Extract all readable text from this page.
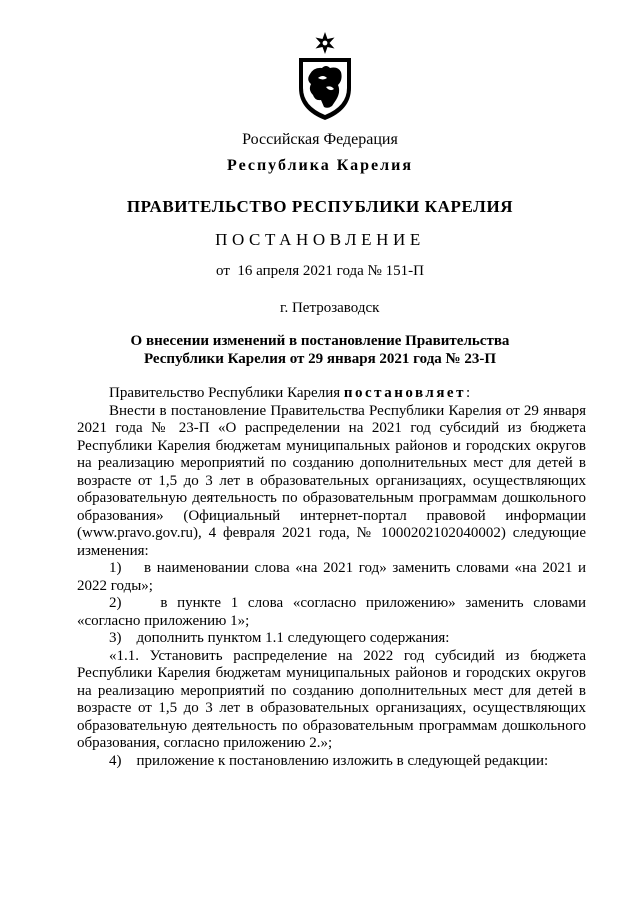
Российская Федерация
Республика Карелия
ПРАВИТЕЛЬСТВО РЕСПУБЛИКИ КАРЕЛИЯ
ПОСТАНОВЛЕНИЕ
от  16 апреля 2021 года № 151-П
г. Петрозаводск
О внесении изменений в постановление Правительства
Республики Карелия от 29 января 2021 года № 23-П

Правительство Республики Карелия постановляет:

Внести в постановление Правительства Республики Карелия от 29 января 2021 года № 23-П «О распределении на 2021 год субсидий из бюджета Республики Карелия бюджетам муниципальных районов и городских округов на реализацию мероприятий по созданию дополнительных мест для детей в возрасте от 1,5 до 3 лет в образовательных организациях, осуществляющих образовательную деятельность по образовательным программам дошкольного образования» (Официальный интернет-портал правовой информации (www.pravo.gov.ru), 4 февраля 2021 года, № 1000202102040002) следующие изменения:

1)    в наименовании слова «на 2021 год» заменить словами «на 2021 и 2022 годы»;

2)    в пункте 1 слова «согласно приложению» заменить словами «согласно приложению 1»;

3)    дополнить пунктом 1.1 следующего содержания:

«1.1. Установить распределение на 2022 год субсидий из бюджета Республики Карелия бюджетам муниципальных районов и городских округов на реализацию мероприятий по созданию дополнительных мест для детей в возрасте от 1,5 до 3 лет в образовательных организациях, осуществляющих образовательную деятельность по образовательным программам дошкольного образования, согласно приложению 2.»;

4)    приложение к постановлению изложить в следующей редакции:
